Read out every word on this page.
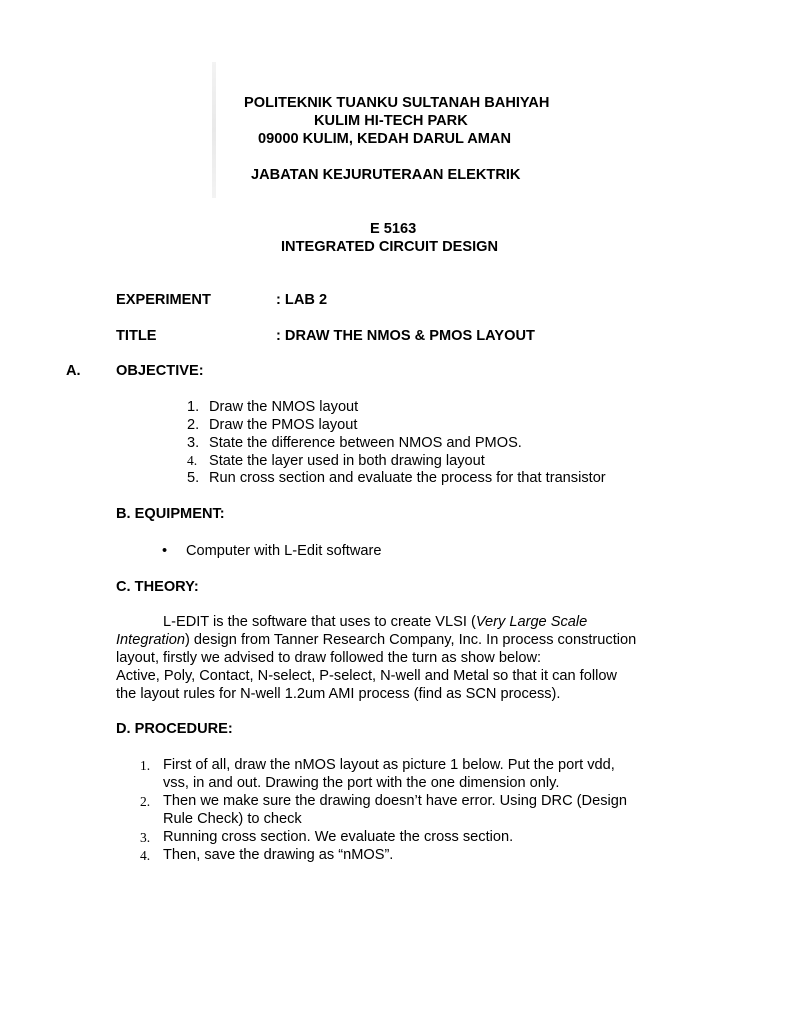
POLITEKNIK TUANKU SULTANAH BAHIYAH
KULIM HI-TECH PARK
09000 KULIM, KEDAH DARUL AMAN
JABATAN KEJURUTERAAN ELEKTRIK
E 5163
INTEGRATED CIRCUIT DESIGN
EXPERIMENT	: LAB 2
TITLE	: DRAW THE NMOS & PMOS LAYOUT
A. OBJECTIVE:
1. Draw the NMOS layout
2. Draw the PMOS layout
3. State the difference between NMOS and PMOS.
4. State the layer used in both drawing layout
5. Run cross section and evaluate the process for that transistor
B. EQUIPMENT:
• Computer with L-Edit software
C. THEORY:
L-EDIT is the software that uses to create VLSI (Very Large Scale
Integration) design from Tanner Research Company, Inc. In process construction
layout, firstly we advised to draw followed the turn as show below:
Active, Poly, Contact, N-select, P-select, N-well and Metal so that it can follow
the layout rules for N-well 1.2um AMI process (find as SCN process).
D. PROCEDURE:
1. First of all, draw the nMOS layout as picture 1 below. Put the port vdd,
vss, in and out. Drawing the port with the one dimension only.
2. Then we make sure the drawing doesn’t have error. Using DRC (Design
Rule Check) to check
3. Running cross section. We evaluate the cross section.
4. Then, save the drawing as “nMOS”.
